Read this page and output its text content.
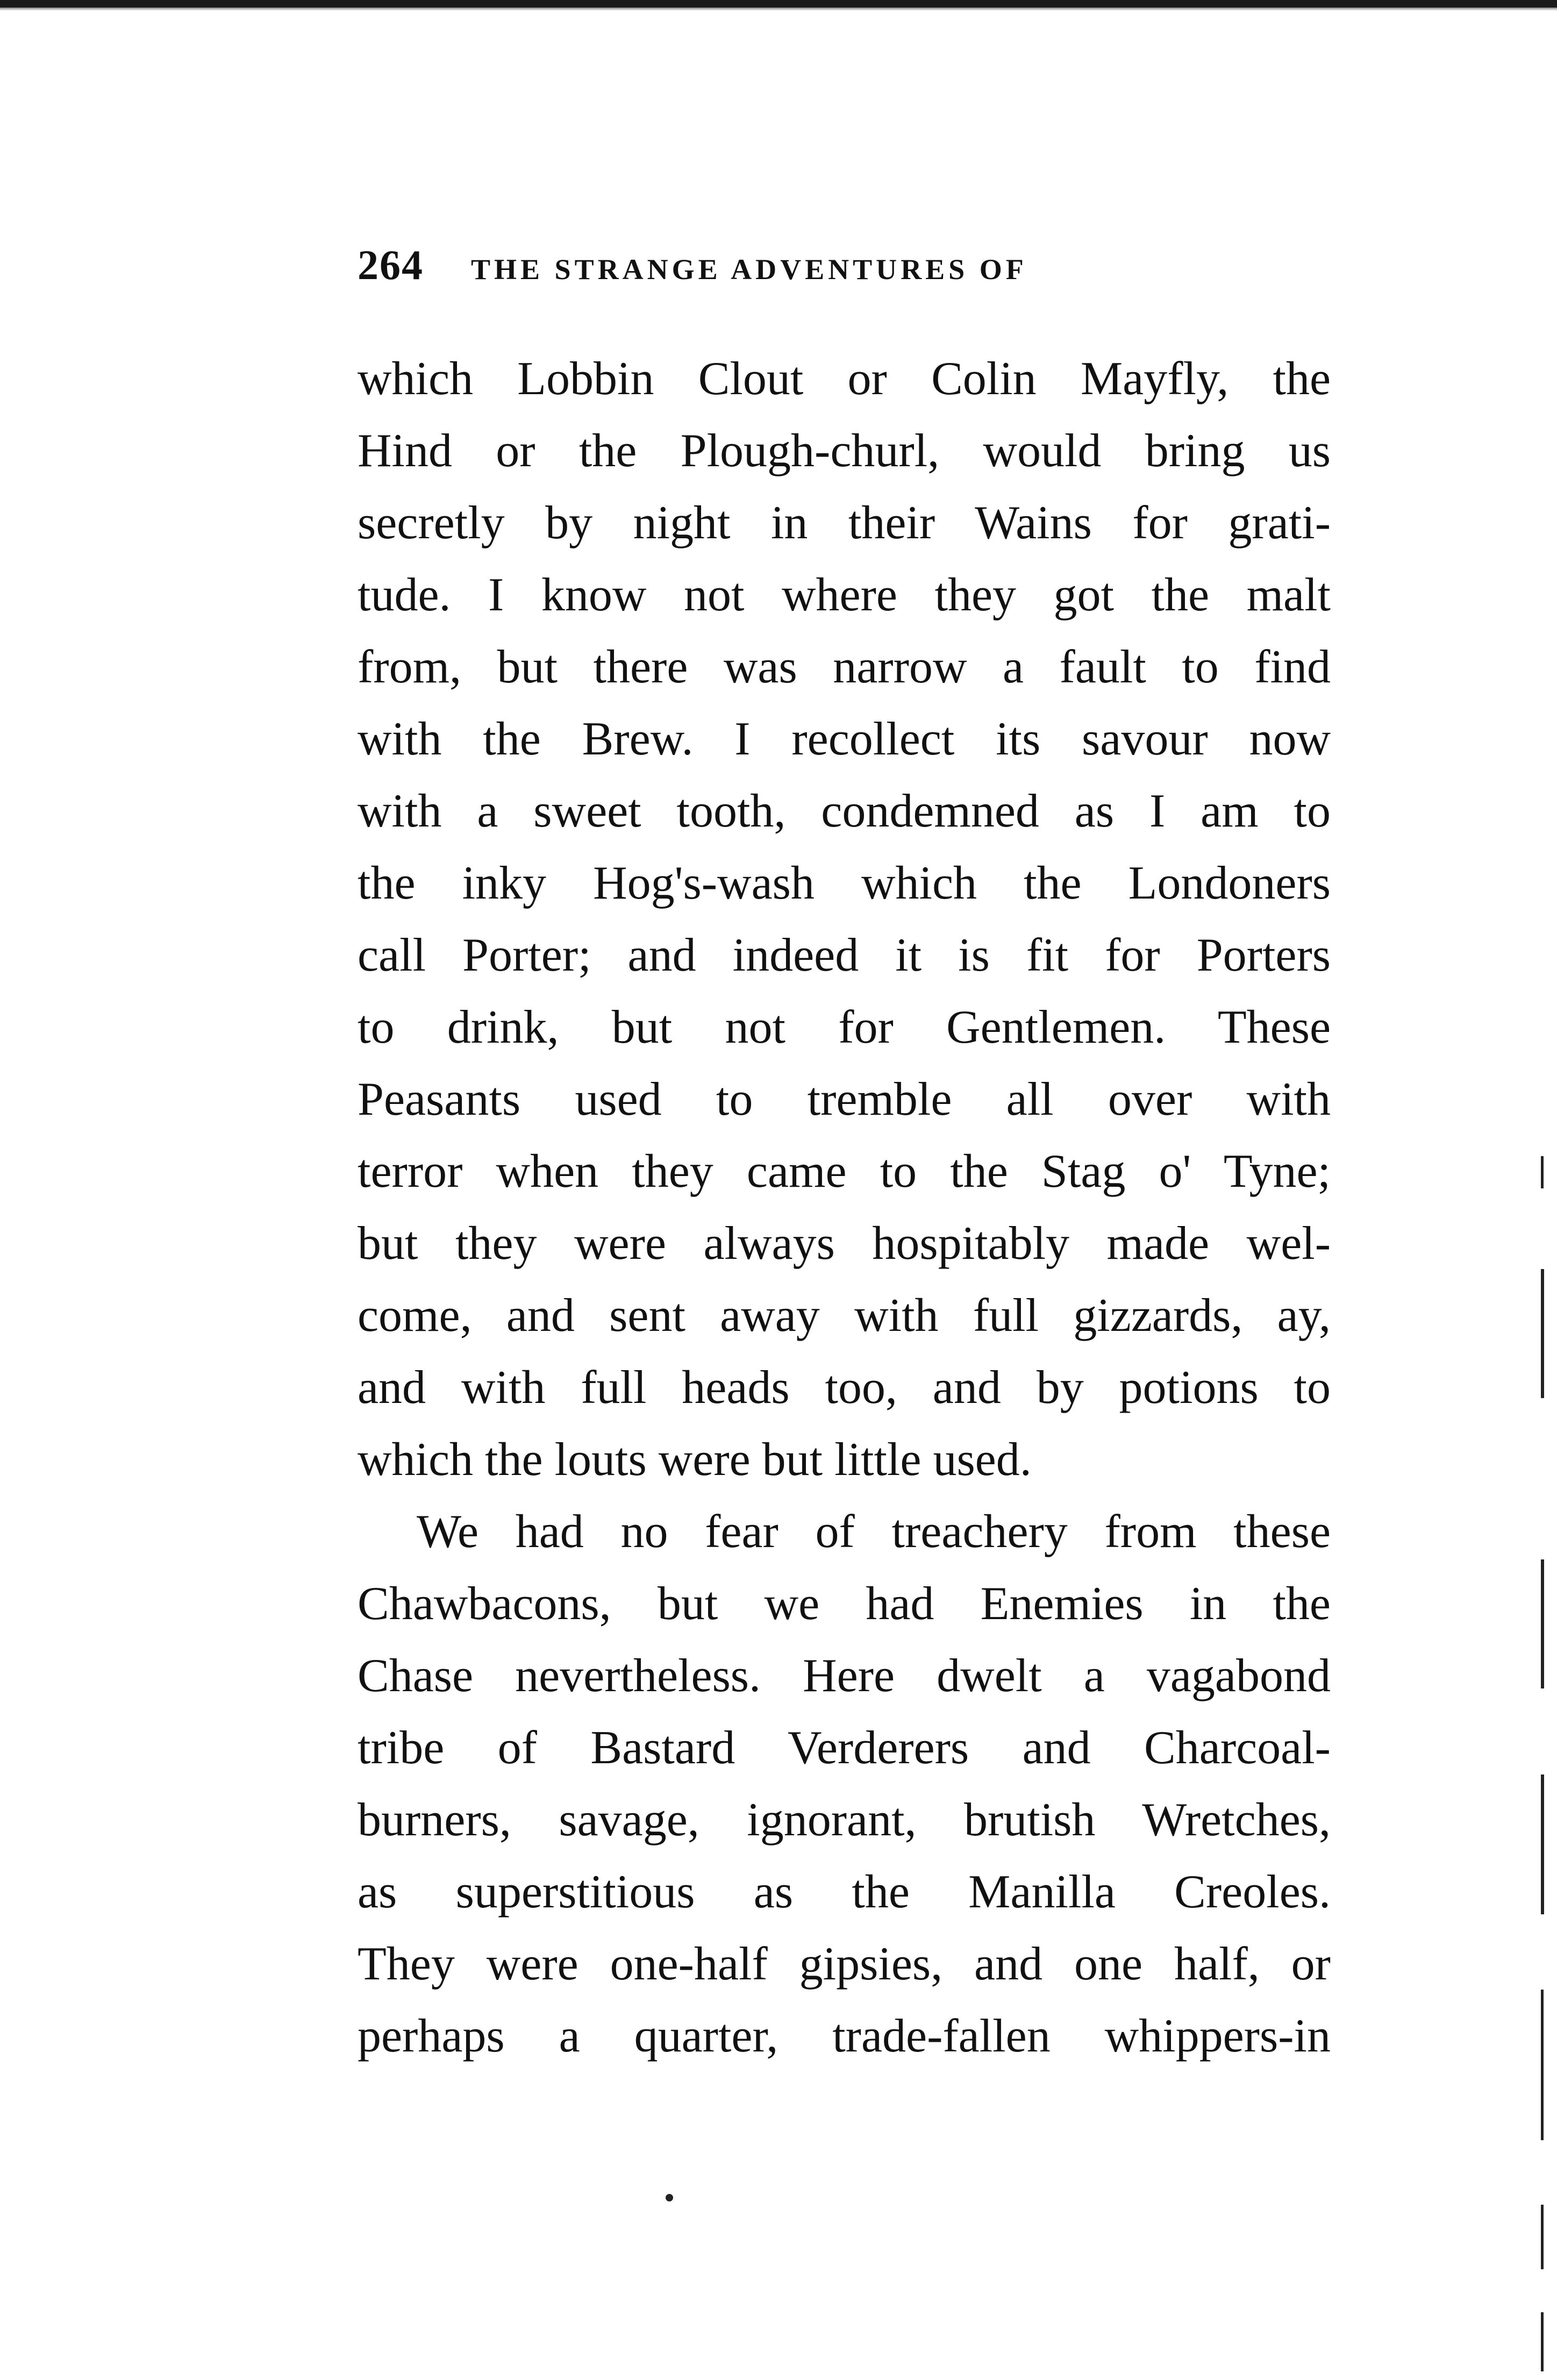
264 THE STRANGE ADVENTURES OF
which Lobbin Clout or Colin Mayfly, the
Hind or the Plough-churl, would bring us
secretly by night in their Wains for grati-
tude. I know not where they got the malt
from, but there was narrow a fault to find
with the Brew. I recollect its savour now
with a sweet tooth, condemned as I am to
the inky Hog's-wash which the Londoners
call Porter; and indeed it is fit for Porters
to drink, but not for Gentlemen. These
Peasants used to tremble all over with
terror when they came to the Stag o' Tyne;
but they were always hospitably made wel-
come, and sent away with full gizzards, ay,
and with full heads too, and by potions to
which the louts were but little used.
We had no fear of treachery from these
Chawbacons, but we had Enemies in the
Chase nevertheless. Here dwelt a vagabond
tribe of Bastard Verderers and Charcoal-
burners, savage, ignorant, brutish Wretches,
as superstitious as the Manilla Creoles.
They were one-half gipsies, and one half, or
perhaps a quarter, trade-fallen whippers-in
